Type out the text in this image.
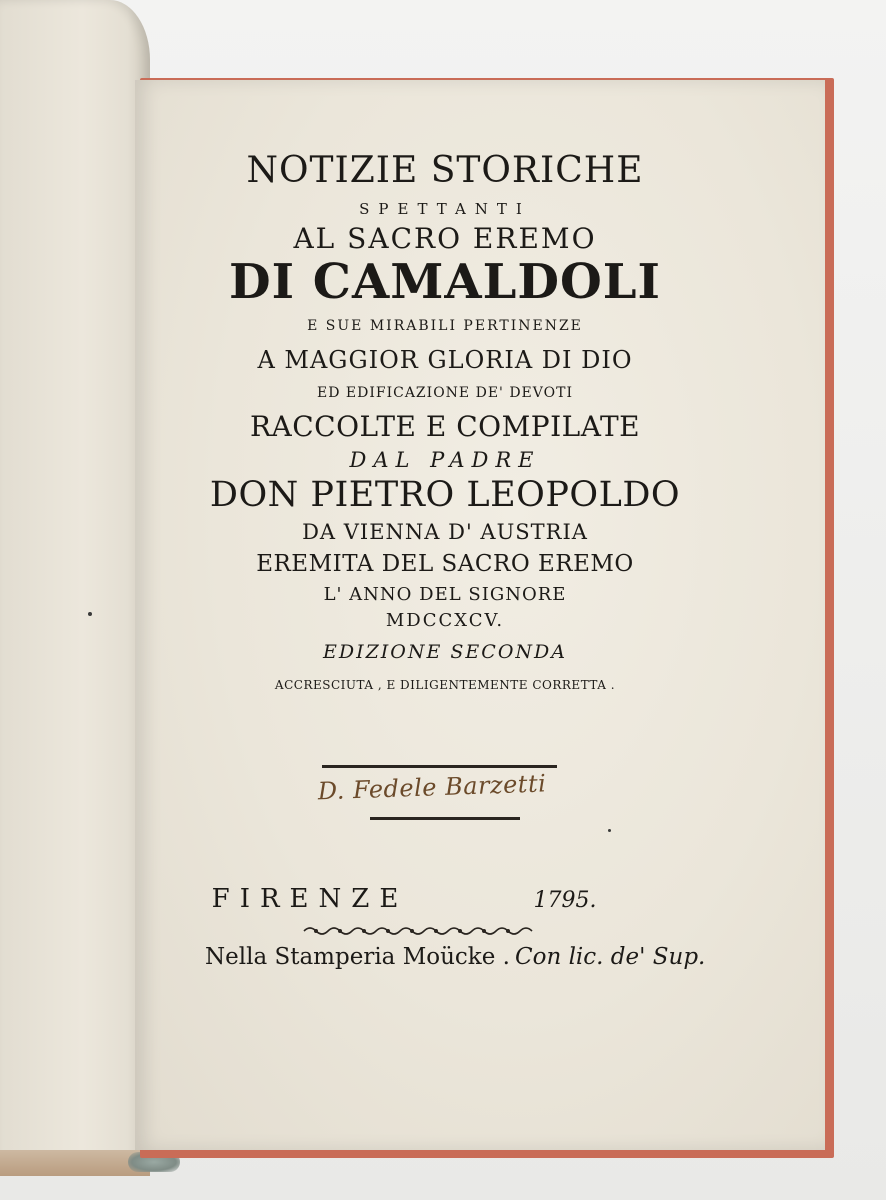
NOTIZIE STORICHE
SPETTANTI
AL SACRO EREMO
DI CAMALDOLI
E SUE MIRABILI PERTINENZE
A MAGGIOR GLORIA DI DIO
ED EDIFICAZIONE DE' DEVOTI
RACCOLTE E COMPILATE
DAL PADRE
DON PIETRO LEOPOLDO
DA VIENNA D' AUSTRIA
EREMITA DEL SACRO EREMO
L' ANNO DEL SIGNORE
MDCCXCV.
EDIZIONE SECONDA
ACCRESCIUTA , E DILIGENTEMENTE CORRETTA .
D. Fedele Barzetti
FIRENZE	1795.
Nella Stamperia Moücke . Con lic. de' Sup.
